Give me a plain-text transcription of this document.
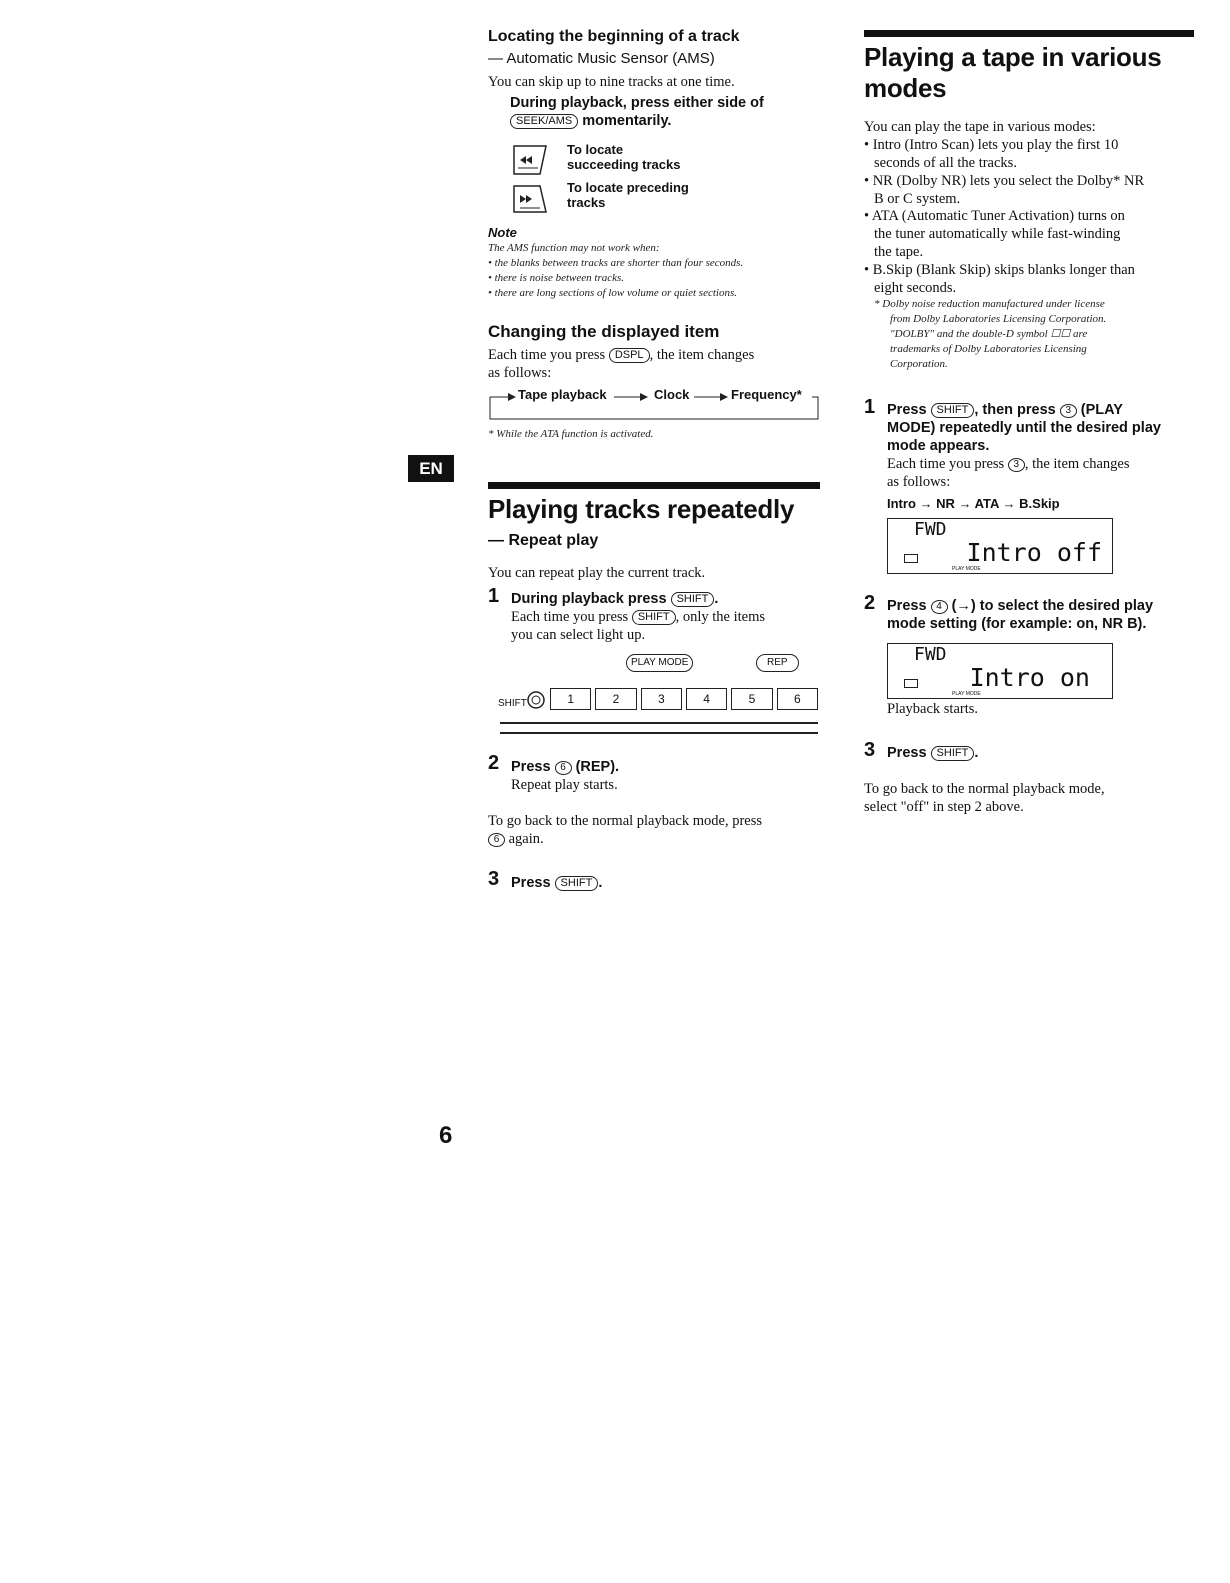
EN
Locating the beginning of a track
— Automatic Music Sensor (AMS)
You can skip up to nine tracks at one time.
During playback, press either side of
SEEK/AMS momentarily.
To locate
succeeding tracks
To locate preceding
tracks
Note
The AMS function may not work when:
• the blanks between tracks are shorter than four seconds.
• there is noise between tracks.
• there are long sections of low volume or quiet sections.
Changing the displayed item
Each time you press DSPL , the item changes
as follows:
Tape playback	Clock	Frequency*
* While the ATA function is activated.
Playing tracks repeatedly
— Repeat play
You can repeat play the current track.
1 During playback press SHIFT .
Each time you press SHIFT , only the items
you can select light up.
PLAY MODE	REP
SHIFT	1	2	3	4	5	6
2 Press 6 (REP).
Repeat play starts.
To go back to the normal playback mode, press
6 again.
3 Press SHIFT .
Playing a tape in various
modes
You can play the tape in various modes:
• Intro (Intro Scan) lets you play the first 10
seconds of all the tracks.
• NR (Dolby NR) lets you select the Dolby* NR
B or C system.
• ATA (Automatic Tuner Activation) turns on
the tuner automatically while fast-winding
the tape.
• B.Skip (Blank Skip) skips blanks longer than
eight seconds.
* Dolby noise reduction manufactured under license
from Dolby Laboratories Licensing Corporation.
"DOLBY" and the double-D symbol ☐☐ are
trademarks of Dolby Laboratories Licensing
Corporation.
1 Press SHIFT , then press 3 (PLAY
MODE) repeatedly until the desired play
mode appears.
Each time you press 3 , the item changes
as follows:
Intro → NR → ATA → B.Skip
FWD
Intro off
PLAY MODE
2 Press 4 (→) to select the desired play
mode setting (for example: on, NR B).
FWD
Intro on
PLAY MODE
Playback starts.
3 Press SHIFT .
To go back to the normal playback mode,
select "off" in step 2 above.
6
